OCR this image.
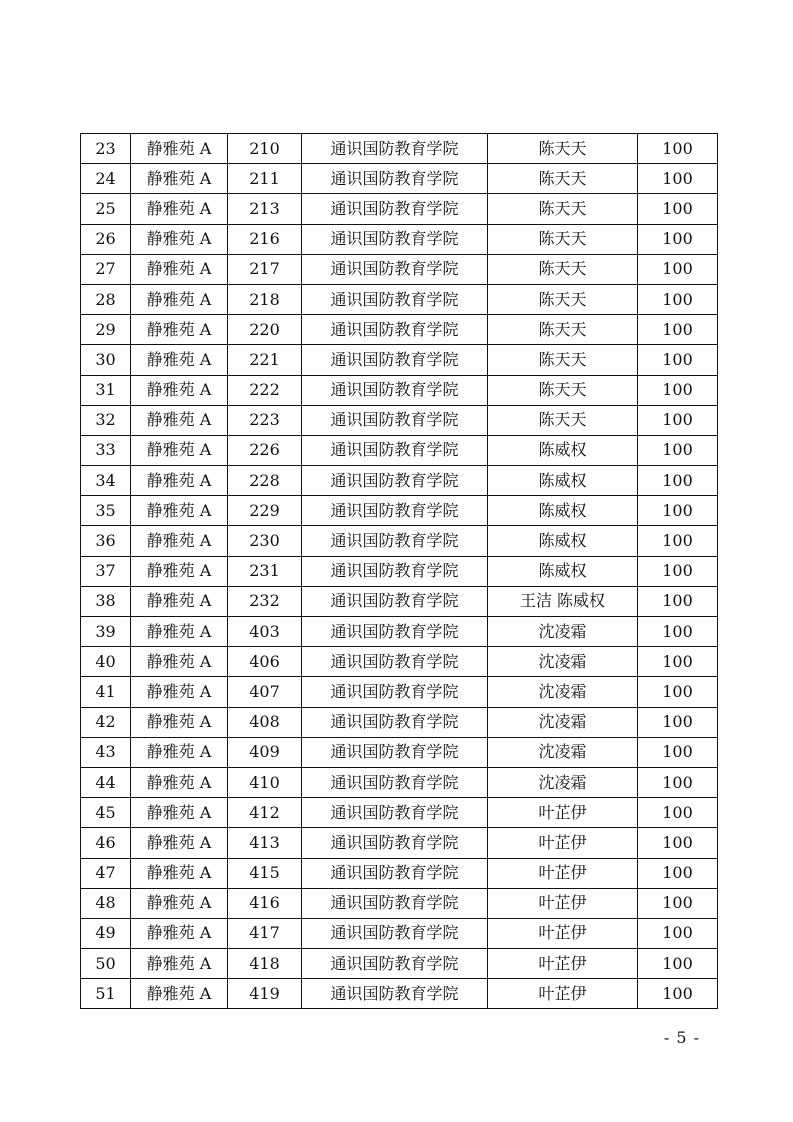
23	静雅苑 A	210	通识国防教育学院	陈天天	100
24	静雅苑 A	211	通识国防教育学院	陈天天	100
25	静雅苑 A	213	通识国防教育学院	陈天天	100
26	静雅苑 A	216	通识国防教育学院	陈天天	100
27	静雅苑 A	217	通识国防教育学院	陈天天	100
28	静雅苑 A	218	通识国防教育学院	陈天天	100
29	静雅苑 A	220	通识国防教育学院	陈天天	100
30	静雅苑 A	221	通识国防教育学院	陈天天	100
31	静雅苑 A	222	通识国防教育学院	陈天天	100
32	静雅苑 A	223	通识国防教育学院	陈天天	100
33	静雅苑 A	226	通识国防教育学院	陈威权	100
34	静雅苑 A	228	通识国防教育学院	陈威权	100
35	静雅苑 A	229	通识国防教育学院	陈威权	100
36	静雅苑 A	230	通识国防教育学院	陈威权	100
37	静雅苑 A	231	通识国防教育学院	陈威权	100
38	静雅苑 A	232	通识国防教育学院	王洁 陈威权	100
39	静雅苑 A	403	通识国防教育学院	沈凌霜	100
40	静雅苑 A	406	通识国防教育学院	沈凌霜	100
41	静雅苑 A	407	通识国防教育学院	沈凌霜	100
42	静雅苑 A	408	通识国防教育学院	沈凌霜	100
43	静雅苑 A	409	通识国防教育学院	沈凌霜	100
44	静雅苑 A	410	通识国防教育学院	沈凌霜	100
45	静雅苑 A	412	通识国防教育学院	叶芷伊	100
46	静雅苑 A	413	通识国防教育学院	叶芷伊	100
47	静雅苑 A	415	通识国防教育学院	叶芷伊	100
48	静雅苑 A	416	通识国防教育学院	叶芷伊	100
49	静雅苑 A	417	通识国防教育学院	叶芷伊	100
50	静雅苑 A	418	通识国防教育学院	叶芷伊	100
51	静雅苑 A	419	通识国防教育学院	叶芷伊	100
- 5 -
